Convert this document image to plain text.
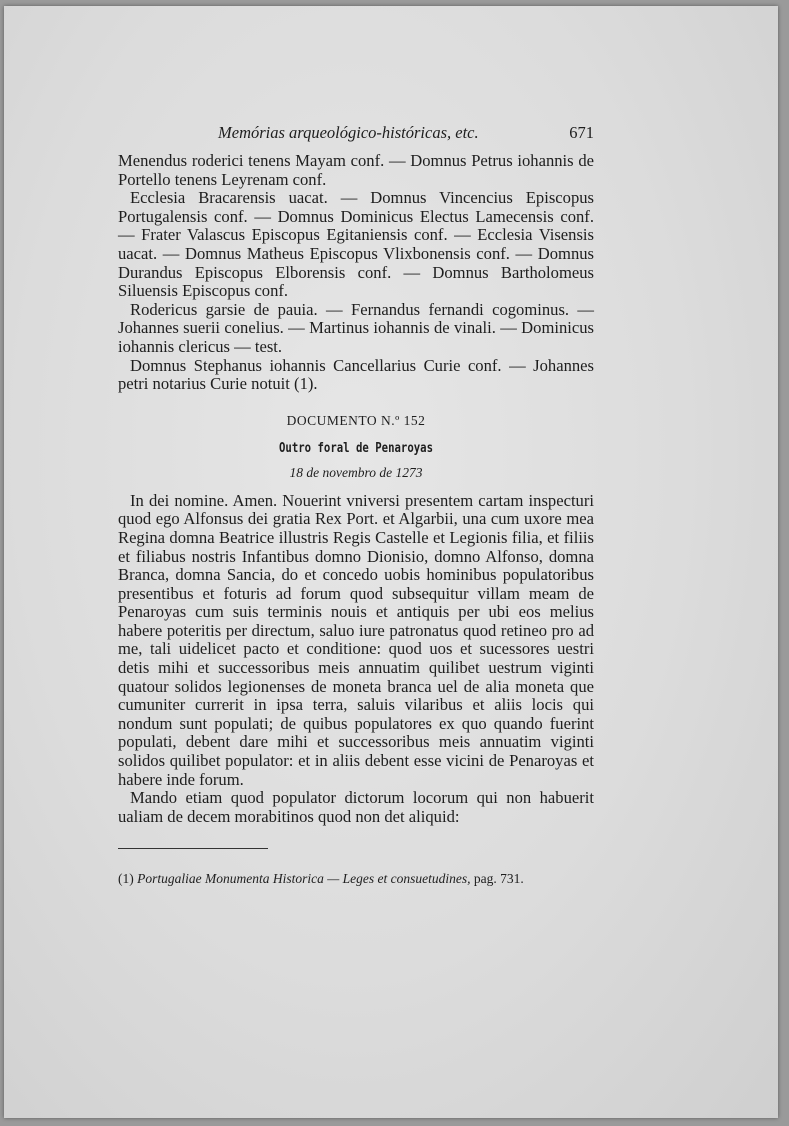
Memórias arqueológico-históricas, etc.	671

Menendus roderici tenens Mayam conf. — Domnus Petrus iohannis de Portello tenens Leyrenam conf.

Ecclesia Bracarensis uacat. — Domnus Vincencius Episcopus Portugalensis conf. — Domnus Dominicus Electus Lamecensis conf. — Frater Valascus Episcopus Egitaniensis conf. — Ecclesia Visensis uacat. — Domnus Matheus Episcopus Vlixbonensis conf. — Domnus Durandus Episcopus Elborensis conf. — Domnus Bartholomeus Siluensis Episcopus conf.

Rodericus garsie de pauia. — Fernandus fernandi cogominus. — Johannes suerii conelius. — Martinus iohannis de vinali. — Dominicus iohannis clericus — test.

Domnus Stephanus iohannis Cancellarius Curie conf. — Johannes petri notarius Curie notuit (1).

DOCUMENTO N.º 152
Outro foral de Penaroyas
18 de novembro de 1273

In dei nomine. Amen. Nouerint vniversi presentem cartam inspecturi quod ego Alfonsus dei gratia Rex Port. et Algarbii, una cum uxore mea Regina domna Beatrice illustris Regis Castelle et Legionis filia, et filiis et filiabus nostris Infantibus domno Dionisio, domno Alfonso, domna Branca, domna Sancia, do et concedo uobis hominibus populatoribus presentibus et foturis ad forum quod subsequitur villam meam de Penaroyas cum suis terminis nouis et antiquis per ubi eos melius habere poteritis per directum, saluo iure patronatus quod retineo pro ad me, tali uidelicet pacto et conditione: quod uos et sucessores uestri detis mihi et successoribus meis annuatim quilibet uestrum viginti quatour solidos legionenses de moneta branca uel de alia moneta que cumuniter currerit in ipsa terra, saluis vilaribus et aliis locis qui nondum sunt populati; de quibus populatores ex quo quando fuerint populati, debent dare mihi et successoribus meis annuatim viginti solidos quilibet populator: et in aliis debent esse vicini de Penaroyas et habere inde forum.

Mando etiam quod populator dictorum locorum qui non habuerit ualiam de decem morabitinos quod non det aliquid:

(1) Portugaliae Monumenta Historica — Leges et consuetudines, pag. 731.
